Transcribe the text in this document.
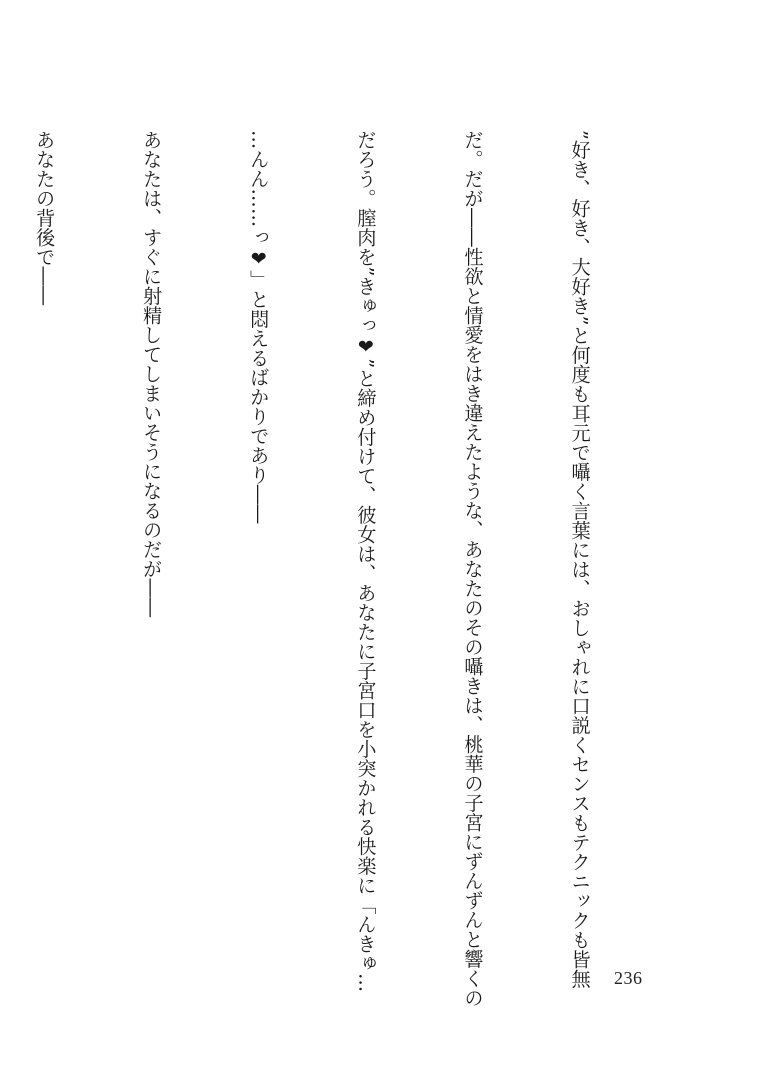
”好き、好き、大好き”と何度も耳元で囁く言葉には、おしゃれに口説くセンスもテクニックも皆無

だ。だが――性欲と情愛をはき違えたような、あなたのその囁きは、桃華の子宮にずんずんと響くの

だろう。膣肉を”きゅっ❤”と締め付けて、彼女は、あなたに子宮口を小突かれる快楽に「んきゅ…

…んん……っ❤」と悶えるばかりであり――

あなたは、すぐに射精してしまいそうになるのだが――

あなたの背後で――

236
